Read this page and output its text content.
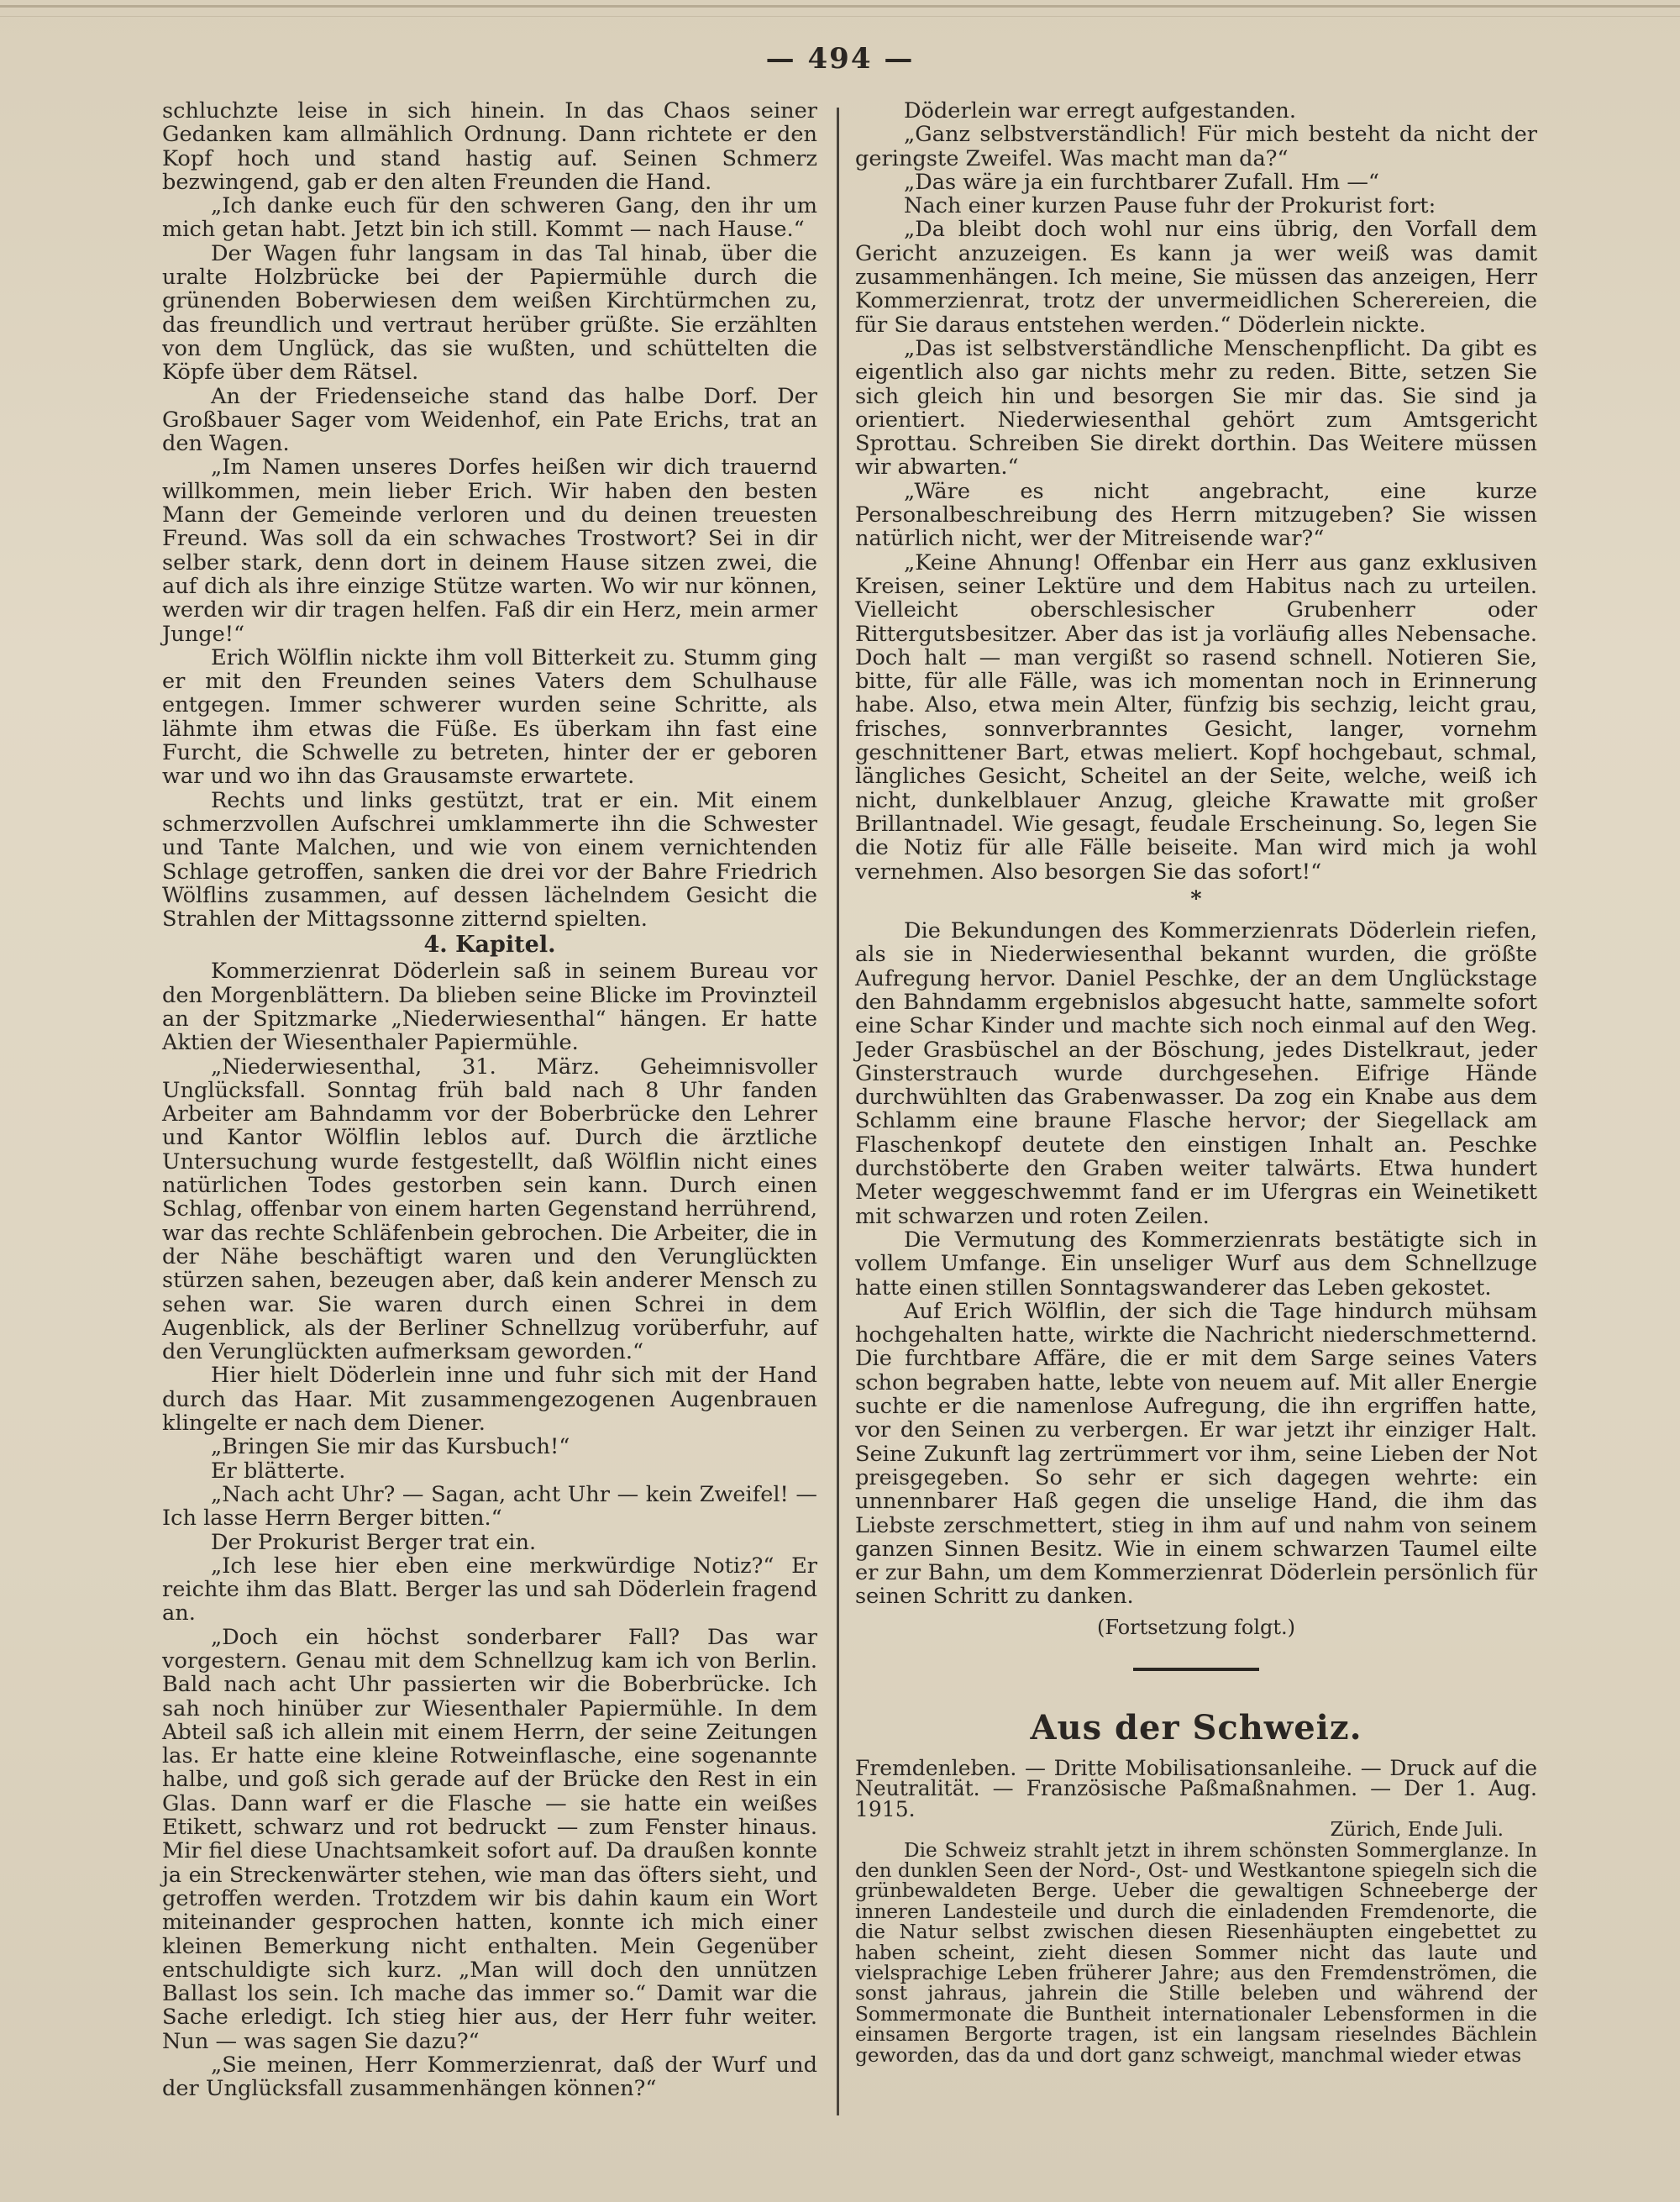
— 494 —

schluchzte leise in sich hinein. In das Chaos seiner Gedanken kam allmählich Ordnung. Dann richtete er den Kopf hoch und stand hastig auf. Seinen Schmerz bezwingend, gab er den alten Freunden die Hand.

„Ich danke euch für den schweren Gang, den ihr um mich getan habt. Jetzt bin ich still. Kommt — nach Hause.“

Der Wagen fuhr langsam in das Tal hinab, über die uralte Holzbrücke bei der Papiermühle durch die grünenden Boberwiesen dem weißen Kirchtürmchen zu, das freundlich und vertraut herüber grüßte. Sie erzählten von dem Unglück, das sie wußten, und schüttelten die Köpfe über dem Rätsel.

An der Friedenseiche stand das halbe Dorf. Der Großbauer Sager vom Weidenhof, ein Pate Erichs, trat an den Wagen.

„Im Namen unseres Dorfes heißen wir dich trauernd willkommen, mein lieber Erich. Wir haben den besten Mann der Gemeinde verloren und du deinen treuesten Freund. Was soll da ein schwaches Trostwort? Sei in dir selber stark, denn dort in deinem Hause sitzen zwei, die auf dich als ihre einzige Stütze warten. Wo wir nur können, werden wir dir tragen helfen. Faß dir ein Herz, mein armer Junge!“

Erich Wölflin nickte ihm voll Bitterkeit zu. Stumm ging er mit den Freunden seines Vaters dem Schulhause entgegen. Immer schwerer wurden seine Schritte, als lähmte ihm etwas die Füße. Es überkam ihn fast eine Furcht, die Schwelle zu betreten, hinter der er geboren war und wo ihn das Grausamste erwartete.

Rechts und links gestützt, trat er ein. Mit einem schmerzvollen Aufschrei umklammerte ihn die Schwester und Tante Malchen, und wie von einem vernichtenden Schlage getroffen, sanken die drei vor der Bahre Friedrich Wölflins zusammen, auf dessen lächelndem Gesicht die Strahlen der Mittagssonne zitternd spielten.

4. Kapitel.

Kommerzienrat Döderlein saß in seinem Bureau vor den Morgenblättern. Da blieben seine Blicke im Provinzteil an der Spitzmarke „Niederwiesenthal“ hängen. Er hatte Aktien der Wiesenthaler Papiermühle.

„Niederwiesenthal, 31. März. Geheimnisvoller Unglücksfall. Sonntag früh bald nach 8 Uhr fanden Arbeiter am Bahndamm vor der Boberbrücke den Lehrer und Kantor Wölflin leblos auf. Durch die ärztliche Untersuchung wurde festgestellt, daß Wölflin nicht eines natürlichen Todes gestorben sein kann. Durch einen Schlag, offenbar von einem harten Gegenstand herrührend, war das rechte Schläfenbein gebrochen. Die Arbeiter, die in der Nähe beschäftigt waren und den Verunglückten stürzen sahen, bezeugen aber, daß kein anderer Mensch zu sehen war. Sie waren durch einen Schrei in dem Augenblick, als der Berliner Schnellzug vorüberfuhr, auf den Verunglückten aufmerksam geworden.“

Hier hielt Döderlein inne und fuhr sich mit der Hand durch das Haar. Mit zusammengezogenen Augenbrauen klingelte er nach dem Diener.

„Bringen Sie mir das Kursbuch!“

Er blätterte.

„Nach acht Uhr? — Sagan, acht Uhr — kein Zweifel! — Ich lasse Herrn Berger bitten.“

Der Prokurist Berger trat ein.

„Ich lese hier eben eine merkwürdige Notiz?“ Er reichte ihm das Blatt. Berger las und sah Döderlein fragend an.

„Doch ein höchst sonderbarer Fall? Das war vorgestern. Genau mit dem Schnellzug kam ich von Berlin. Bald nach acht Uhr passierten wir die Boberbrücke. Ich sah noch hinüber zur Wiesenthaler Papiermühle. In dem Abteil saß ich allein mit einem Herrn, der seine Zeitungen las. Er hatte eine kleine Rotweinflasche, eine sogenannte halbe, und goß sich gerade auf der Brücke den Rest in ein Glas. Dann warf er die Flasche — sie hatte ein weißes Etikett, schwarz und rot bedruckt — zum Fenster hinaus. Mir fiel diese Unachtsamkeit sofort auf. Da draußen konnte ja ein Streckenwärter stehen, wie man das öfters sieht, und getroffen werden. Trotzdem wir bis dahin kaum ein Wort miteinander gesprochen hatten, konnte ich mich einer kleinen Bemerkung nicht enthalten. Mein Gegenüber entschuldigte sich kurz. „Man will doch den unnützen Ballast los sein. Ich mache das immer so.“ Damit war die Sache erledigt. Ich stieg hier aus, der Herr fuhr weiter. Nun — was sagen Sie dazu?“

„Sie meinen, Herr Kommerzienrat, daß der Wurf und der Unglücksfall zusammenhängen können?“

Döderlein war erregt aufgestanden.

„Ganz selbstverständlich! Für mich besteht da nicht der geringste Zweifel. Was macht man da?“

„Das wäre ja ein furchtbarer Zufall. Hm —“

Nach einer kurzen Pause fuhr der Prokurist fort:

„Da bleibt doch wohl nur eins übrig, den Vorfall dem Gericht anzuzeigen. Es kann ja wer weiß was damit zusammenhängen. Ich meine, Sie müssen das anzeigen, Herr Kommerzienrat, trotz der unvermeidlichen Scherereien, die für Sie daraus entstehen werden.“ Döderlein nickte.

„Das ist selbstverständliche Menschenpflicht. Da gibt es eigentlich also gar nichts mehr zu reden. Bitte, setzen Sie sich gleich hin und besorgen Sie mir das. Sie sind ja orientiert. Niederwiesenthal gehört zum Amtsgericht Sprottau. Schreiben Sie direkt dorthin. Das Weitere müssen wir abwarten.“

„Wäre es nicht angebracht, eine kurze Personalbeschreibung des Herrn mitzugeben? Sie wissen natürlich nicht, wer der Mitreisende war?“

„Keine Ahnung! Offenbar ein Herr aus ganz exklusiven Kreisen, seiner Lektüre und dem Habitus nach zu urteilen. Vielleicht oberschlesischer Grubenherr oder Rittergutsbesitzer. Aber das ist ja vorläufig alles Nebensache. Doch halt — man vergißt so rasend schnell. Notieren Sie, bitte, für alle Fälle, was ich momentan noch in Erinnerung habe. Also, etwa mein Alter, fünfzig bis sechzig, leicht grau, frisches, sonnverbranntes Gesicht, langer, vornehm geschnittener Bart, etwas meliert. Kopf hochgebaut, schmal, längliches Gesicht, Scheitel an der Seite, welche, weiß ich nicht, dunkelblauer Anzug, gleiche Krawatte mit großer Brillantnadel. Wie gesagt, feudale Erscheinung. So, legen Sie die Notiz für alle Fälle beiseite. Man wird mich ja wohl vernehmen. Also besorgen Sie das sofort!“

*

Die Bekundungen des Kommerzienrats Döderlein riefen, als sie in Niederwiesenthal bekannt wurden, die größte Aufregung hervor. Daniel Peschke, der an dem Unglückstage den Bahndamm ergebnislos abgesucht hatte, sammelte sofort eine Schar Kinder und machte sich noch einmal auf den Weg. Jeder Grasbüschel an der Böschung, jedes Distelkraut, jeder Ginsterstrauch wurde durchgesehen. Eifrige Hände durchwühlten das Grabenwasser. Da zog ein Knabe aus dem Schlamm eine braune Flasche hervor; der Siegellack am Flaschenkopf deutete den einstigen Inhalt an. Peschke durchstöberte den Graben weiter talwärts. Etwa hundert Meter weggeschwemmt fand er im Ufergras ein Weinetikett mit schwarzen und roten Zeilen.

Die Vermutung des Kommerzienrats bestätigte sich in vollem Umfange. Ein unseliger Wurf aus dem Schnellzuge hatte einen stillen Sonntagswanderer das Leben gekostet.

Auf Erich Wölflin, der sich die Tage hindurch mühsam hochgehalten hatte, wirkte die Nachricht niederschmetternd. Die furchtbare Affäre, die er mit dem Sarge seines Vaters schon begraben hatte, lebte von neuem auf. Mit aller Energie suchte er die namenlose Aufregung, die ihn ergriffen hatte, vor den Seinen zu verbergen. Er war jetzt ihr einziger Halt. Seine Zukunft lag zertrümmert vor ihm, seine Lieben der Not preisgegeben. So sehr er sich dagegen wehrte: ein unnennbarer Haß gegen die unselige Hand, die ihm das Liebste zerschmettert, stieg in ihm auf und nahm von seinem ganzen Sinnen Besitz. Wie in einem schwarzen Taumel eilte er zur Bahn, um dem Kommerzienrat Döderlein persönlich für seinen Schritt zu danken.

(Fortsetzung folgt.)

Aus der Schweiz.

Fremdenleben. — Dritte Mobilisationsanleihe. — Druck auf die Neutralität. — Französische Paßmaßnahmen. — Der 1. Aug. 1915.

Zürich, Ende Juli.

Die Schweiz strahlt jetzt in ihrem schönsten Sommerglanze. In den dunklen Seen der Nord-, Ost- und Westkantone spiegeln sich die grünbewaldeten Berge. Ueber die gewaltigen Schneeberge der inneren Landesteile und durch die einladenden Fremdenorte, die die Natur selbst zwischen diesen Riesenhäupten eingebettet zu haben scheint, zieht diesen Sommer nicht das laute und vielsprachige Leben früherer Jahre; aus den Fremdenströmen, die sonst jahraus, jahrein die Stille beleben und während der Sommermonate die Buntheit internationaler Lebensformen in die einsamen Bergorte tragen, ist ein langsam rieselndes Bächlein geworden, das da und dort ganz schweigt, manchmal wieder etwas
